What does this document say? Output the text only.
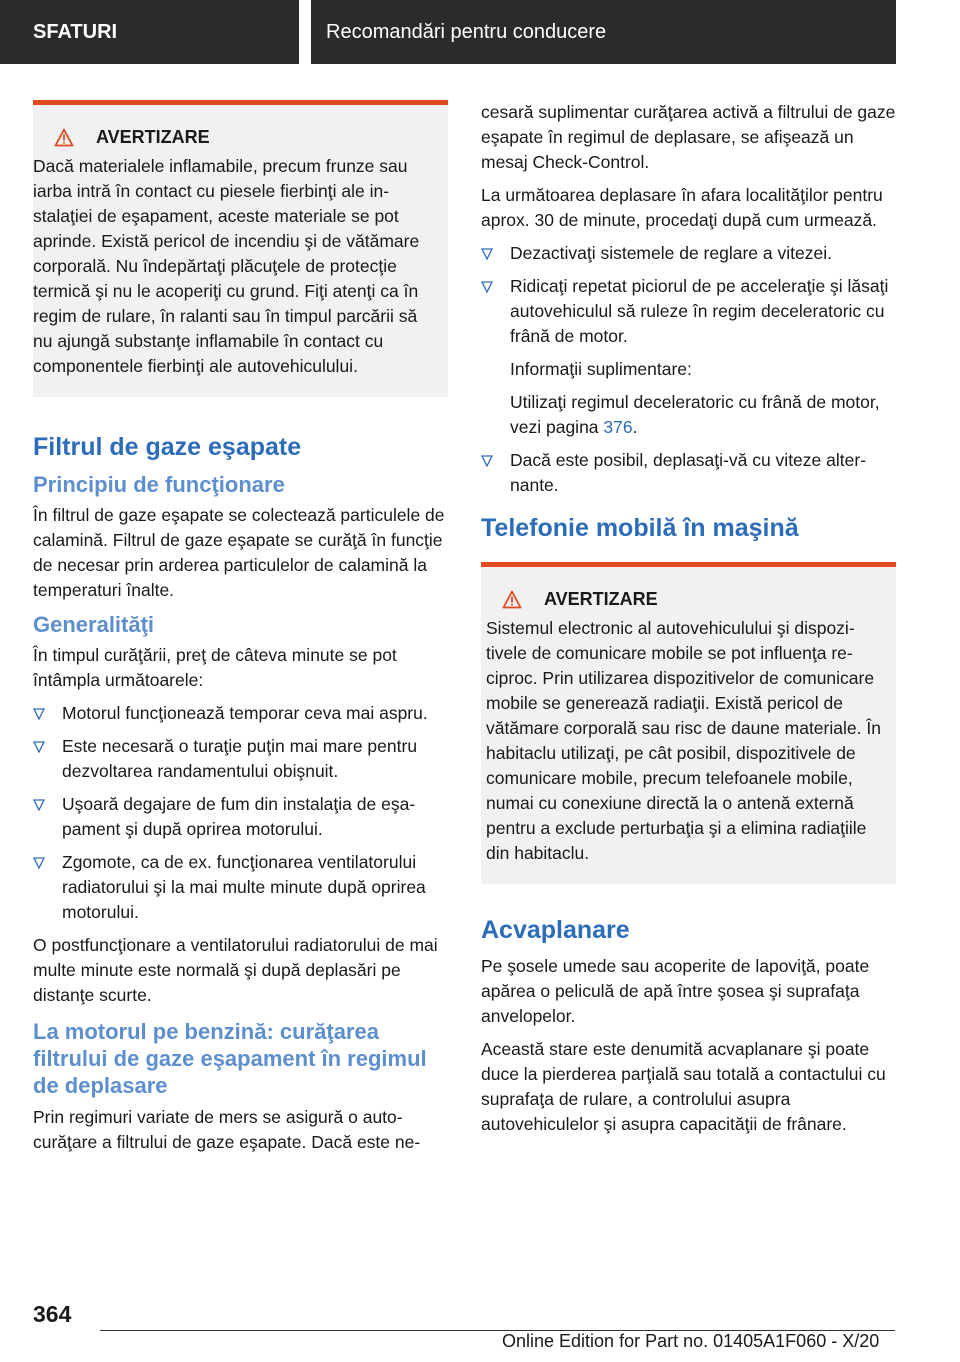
SFATURI	Recomandări pentru conducere
AVERTIZARE

Dacă materialele inflamabile, precum frunze sau iarba intră în contact cu piesele fierbinţi ale instalaţiei de eşapament, aceste materiale se pot aprinde. Există pericol de incendiu şi de vătămare corporală. Nu îndepărtaţi plăcuţele de protecţie termică şi nu le acoperiţi cu grund. Fiţi atenţi ca în regim de rulare, în ralanti sau în timpul parcării să nu ajungă substanţe inflamabile în contact cu componentele fierbinţi ale autovehiculului.

Filtrul de gaze eşapate
Principiu de funcţionare

În filtrul de gaze eşapate se colectează particulele de calamină. Filtrul de gaze eşapate se curăţă în funcţie de necesar prin arderea particulelor de calamină la temperaturi înalte.

Generalităţi

În timpul curăţării, preţ de câteva minute se pot întâmpla următoarele:

Motorul funcţionează temporar ceva mai aspru.
Este necesară o turaţie puţin mai mare pentru dezvoltarea randamentului obişnuit.
Uşoară degajare de fum din instalaţia de eşapament şi după oprirea motorului.
Zgomote, ca de ex. funcţionarea ventilatorului radiatorului şi la mai multe minute după oprirea motorului.

O postfuncţionare a ventilatorului radiatorului de mai multe minute este normală şi după deplasări pe distanţe scurte.

La motorul pe benzină: curăţarea filtrului de gaze eşapament în regimul de deplasare

Prin regimuri variate de mers se asigură o autocurăţare a filtrului de gaze eşapate. Dacă este ne-

cesară suplimentar curăţarea activă a filtrului de gaze eşapate în regimul de deplasare, se afişează un mesaj Check-Control.

La următoarea deplasare în afara localităţilor pentru aprox. 30 de minute, procedaţi după cum urmează.

Dezactivaţi sistemele de reglare a vitezei.
Ridicaţi repetat piciorul de pe acceleraţie şi lăsaţi autovehiculul să ruleze în regim deceleratoric cu frână de motor.

Informaţii suplimentare:

Utilizaţi regimul deceleratoric cu frână de motor, vezi pagina 376.

Dacă este posibil, deplasaţi-vă cu viteze alternante.
Telefonie mobilă în maşină
AVERTIZARE

Sistemul electronic al autovehiculului şi dispozitivele de comunicare mobile se pot influenţa reciproc. Prin utilizarea dispozitivelor de comunicare mobile se generează radiaţii. Există pericol de vătămare corporală sau risc de daune materiale. În habitaclu utilizaţi, pe cât posibil, dispozitivele de comunicare mobile, precum telefoanele mobile, numai cu conexiune directă la o antenă externă pentru a exclude perturbaţia şi a elimina radiaţiile din habitaclu.

Acvaplanare

Pe şosele umede sau acoperite de lapoviţă, poate apărea o peliculă de apă între şosea şi suprafaţa anvelopelor.

Această stare este denumită acvaplanare şi poate duce la pierderea parţială sau totală a contactului cu suprafaţa de rulare, a controlului asupra autovehiculelor şi asupra capacităţii de frânare.

364
Online Edition for Part no. 01405A1F060 - X/20
